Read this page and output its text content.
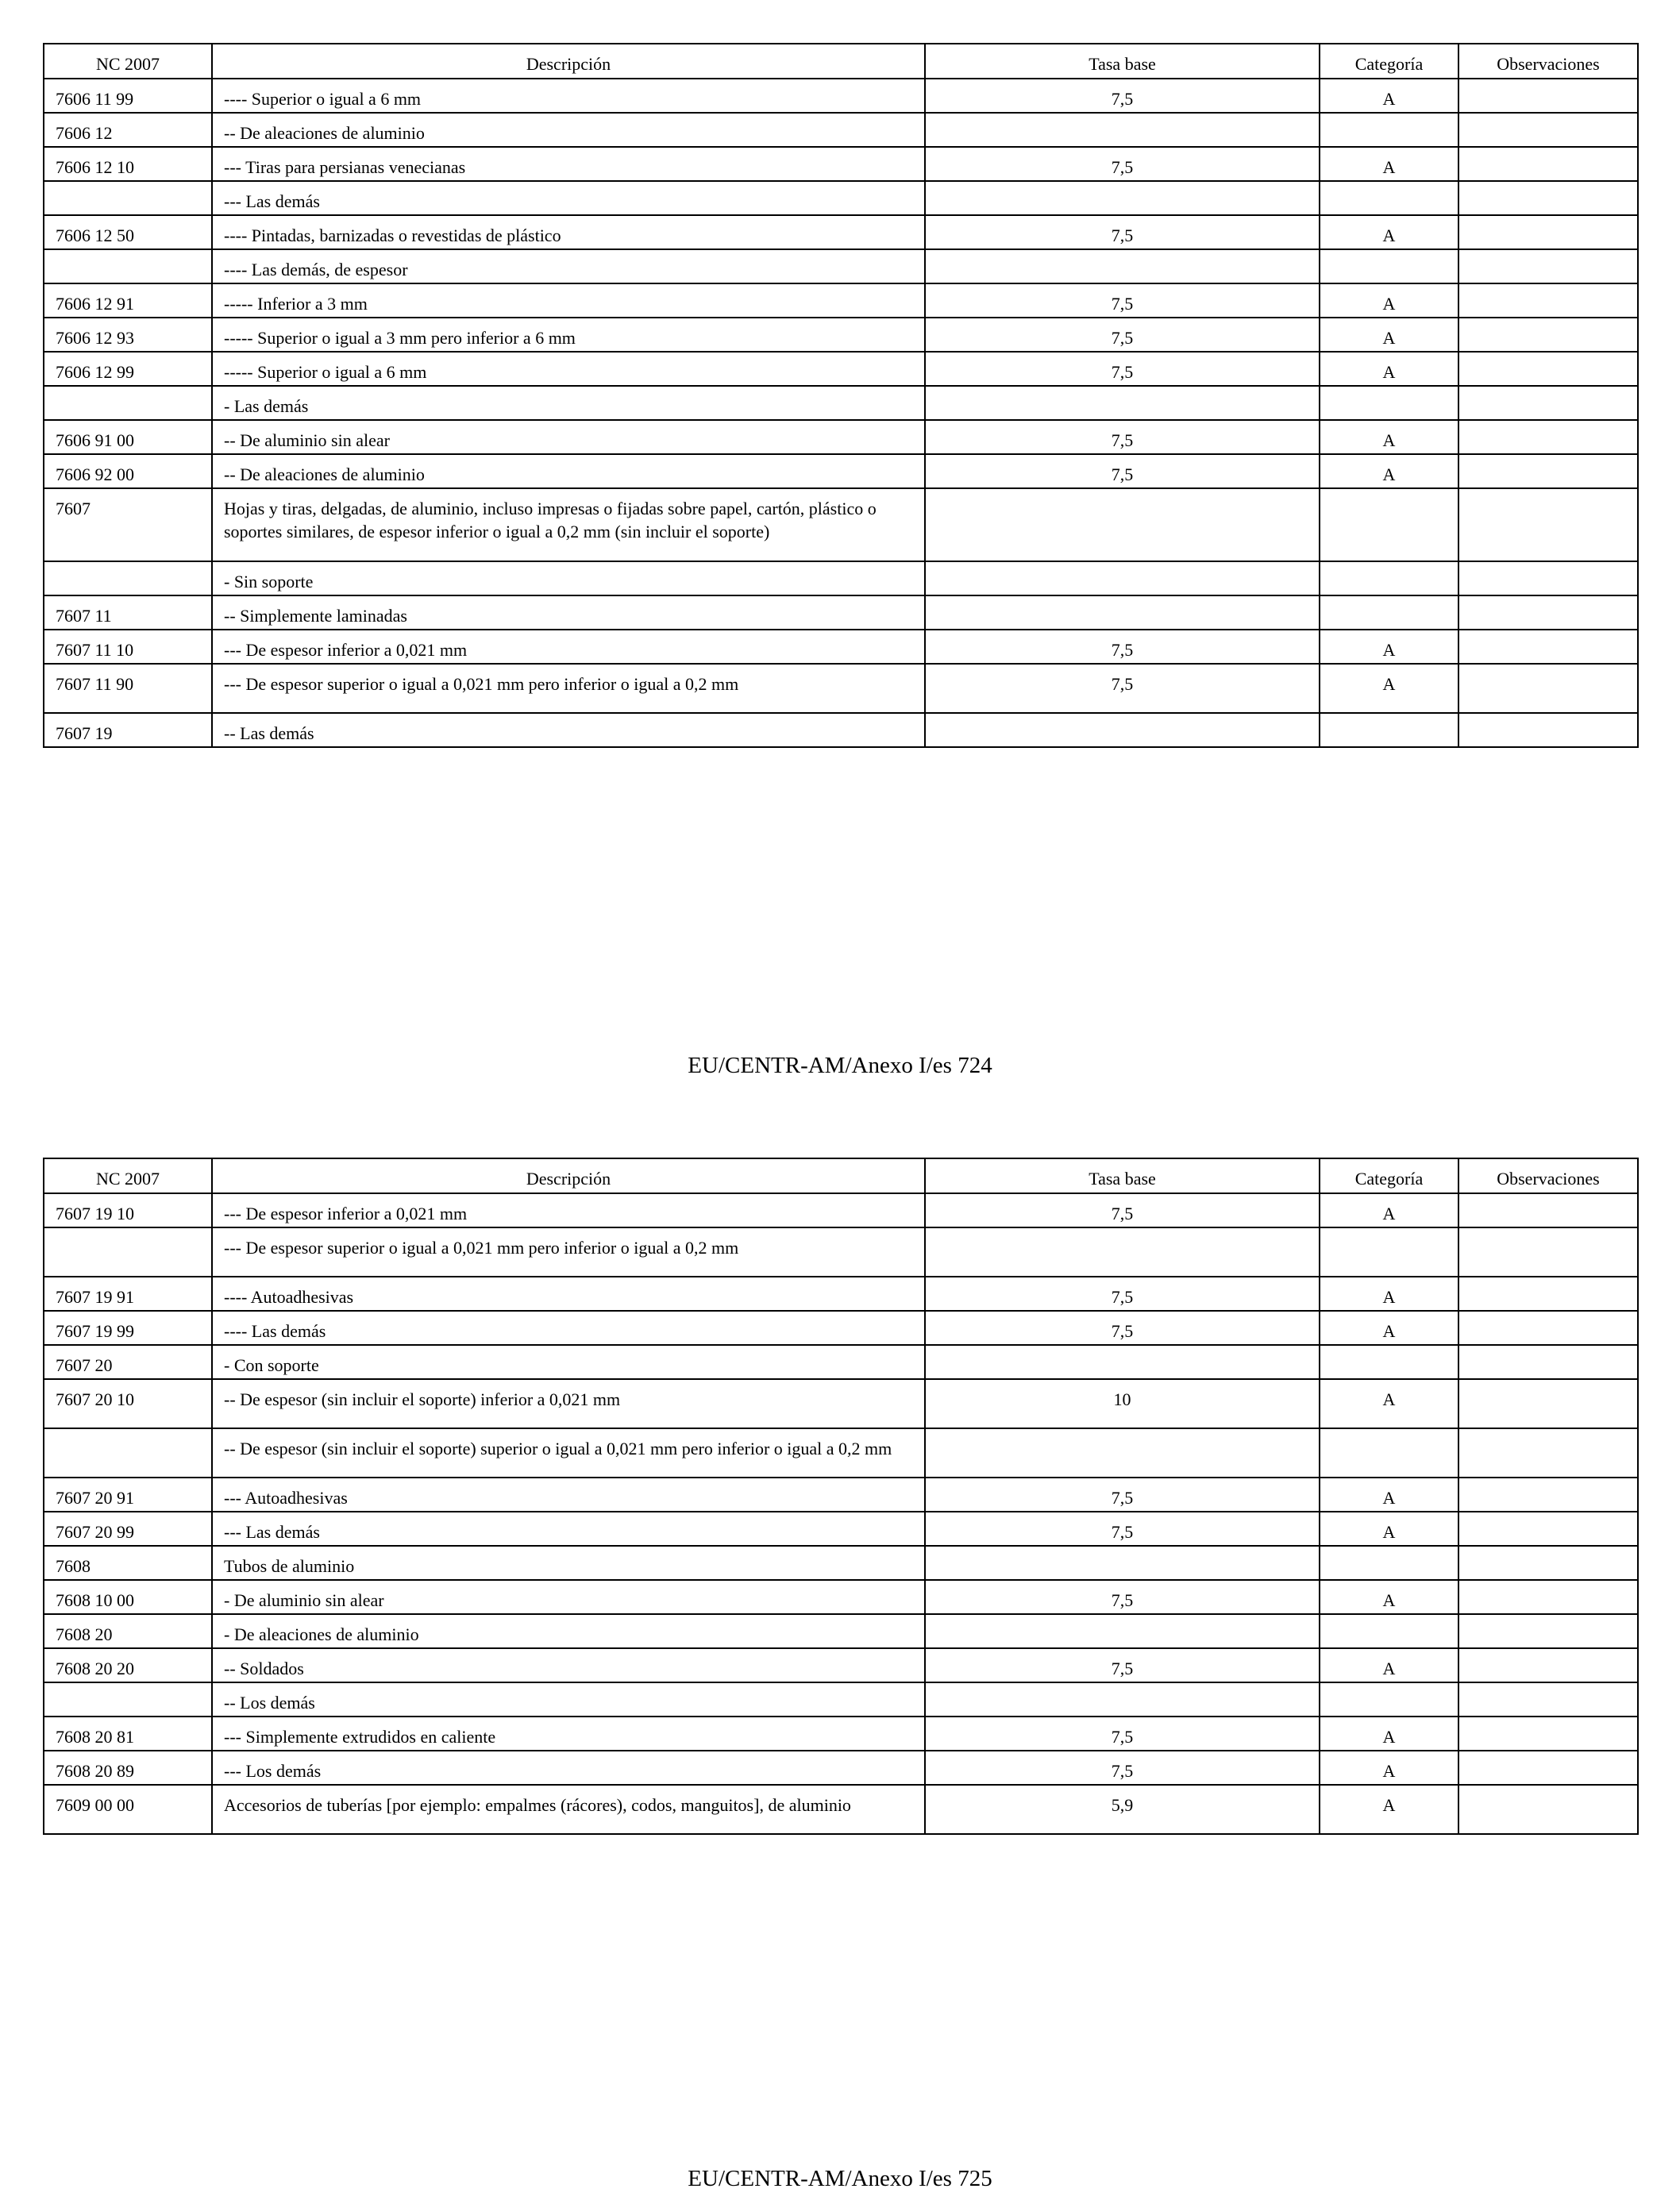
NC 2007	Descripción	Tasa base	Categoría	Observaciones
7606 11 99	---- Superior o igual a 6 mm	7,5	A	
7606 12	-- De aleaciones de aluminio			
7606 12 10	--- Tiras para persianas venecianas	7,5	A	
	--- Las demás			
7606 12 50	---- Pintadas, barnizadas o revestidas de plástico	7,5	A	
	---- Las demás, de espesor			
7606 12 91	----- Inferior a 3 mm	7,5	A	
7606 12 93	----- Superior o igual a 3 mm pero inferior a 6 mm	7,5	A	
7606 12 99	----- Superior o igual a 6 mm	7,5	A	
	- Las demás			
7606 91 00	-- De aluminio sin alear	7,5	A	
7606 92 00	-- De aleaciones de aluminio	7,5	A	
7607	Hojas y tiras, delgadas, de aluminio, incluso impresas o fijadas sobre papel, cartón, plástico o soportes similares, de espesor inferior o igual a 0,2 mm (sin incluir el soporte)			
	- Sin soporte			
7607 11	-- Simplemente laminadas			
7607 11 10	--- De espesor inferior a 0,021 mm	7,5	A	
7607 11 90	--- De espesor superior o igual a 0,021 mm pero inferior o igual a 0,2 mm	7,5	A	
7607 19	-- Las demás			
EU/CENTR-AM/Anexo I/es 724
NC 2007	Descripción	Tasa base	Categoría	Observaciones
7607 19 10	--- De espesor inferior a 0,021 mm	7,5	A	
	--- De espesor superior o igual a 0,021 mm pero inferior o igual a 0,2 mm			
7607 19 91	---- Autoadhesivas	7,5	A	
7607 19 99	---- Las demás	7,5	A	
7607 20	- Con soporte			
7607 20 10	-- De espesor (sin incluir el soporte) inferior a 0,021 mm	10	A	
	-- De espesor (sin incluir el soporte) superior o igual a 0,021 mm pero inferior o igual a 0,2 mm			
7607 20 91	--- Autoadhesivas	7,5	A	
7607 20 99	--- Las demás	7,5	A	
7608	Tubos de aluminio			
7608 10 00	- De aluminio sin alear	7,5	A	
7608 20	- De aleaciones de aluminio			
7608 20 20	-- Soldados	7,5	A	
	-- Los demás			
7608 20 81	--- Simplemente extrudidos en caliente	7,5	A	
7608 20 89	--- Los demás	7,5	A	
7609 00 00	Accesorios de tuberías [por ejemplo: empalmes (rácores), codos, manguitos], de aluminio	5,9	A	
EU/CENTR-AM/Anexo I/es 725
